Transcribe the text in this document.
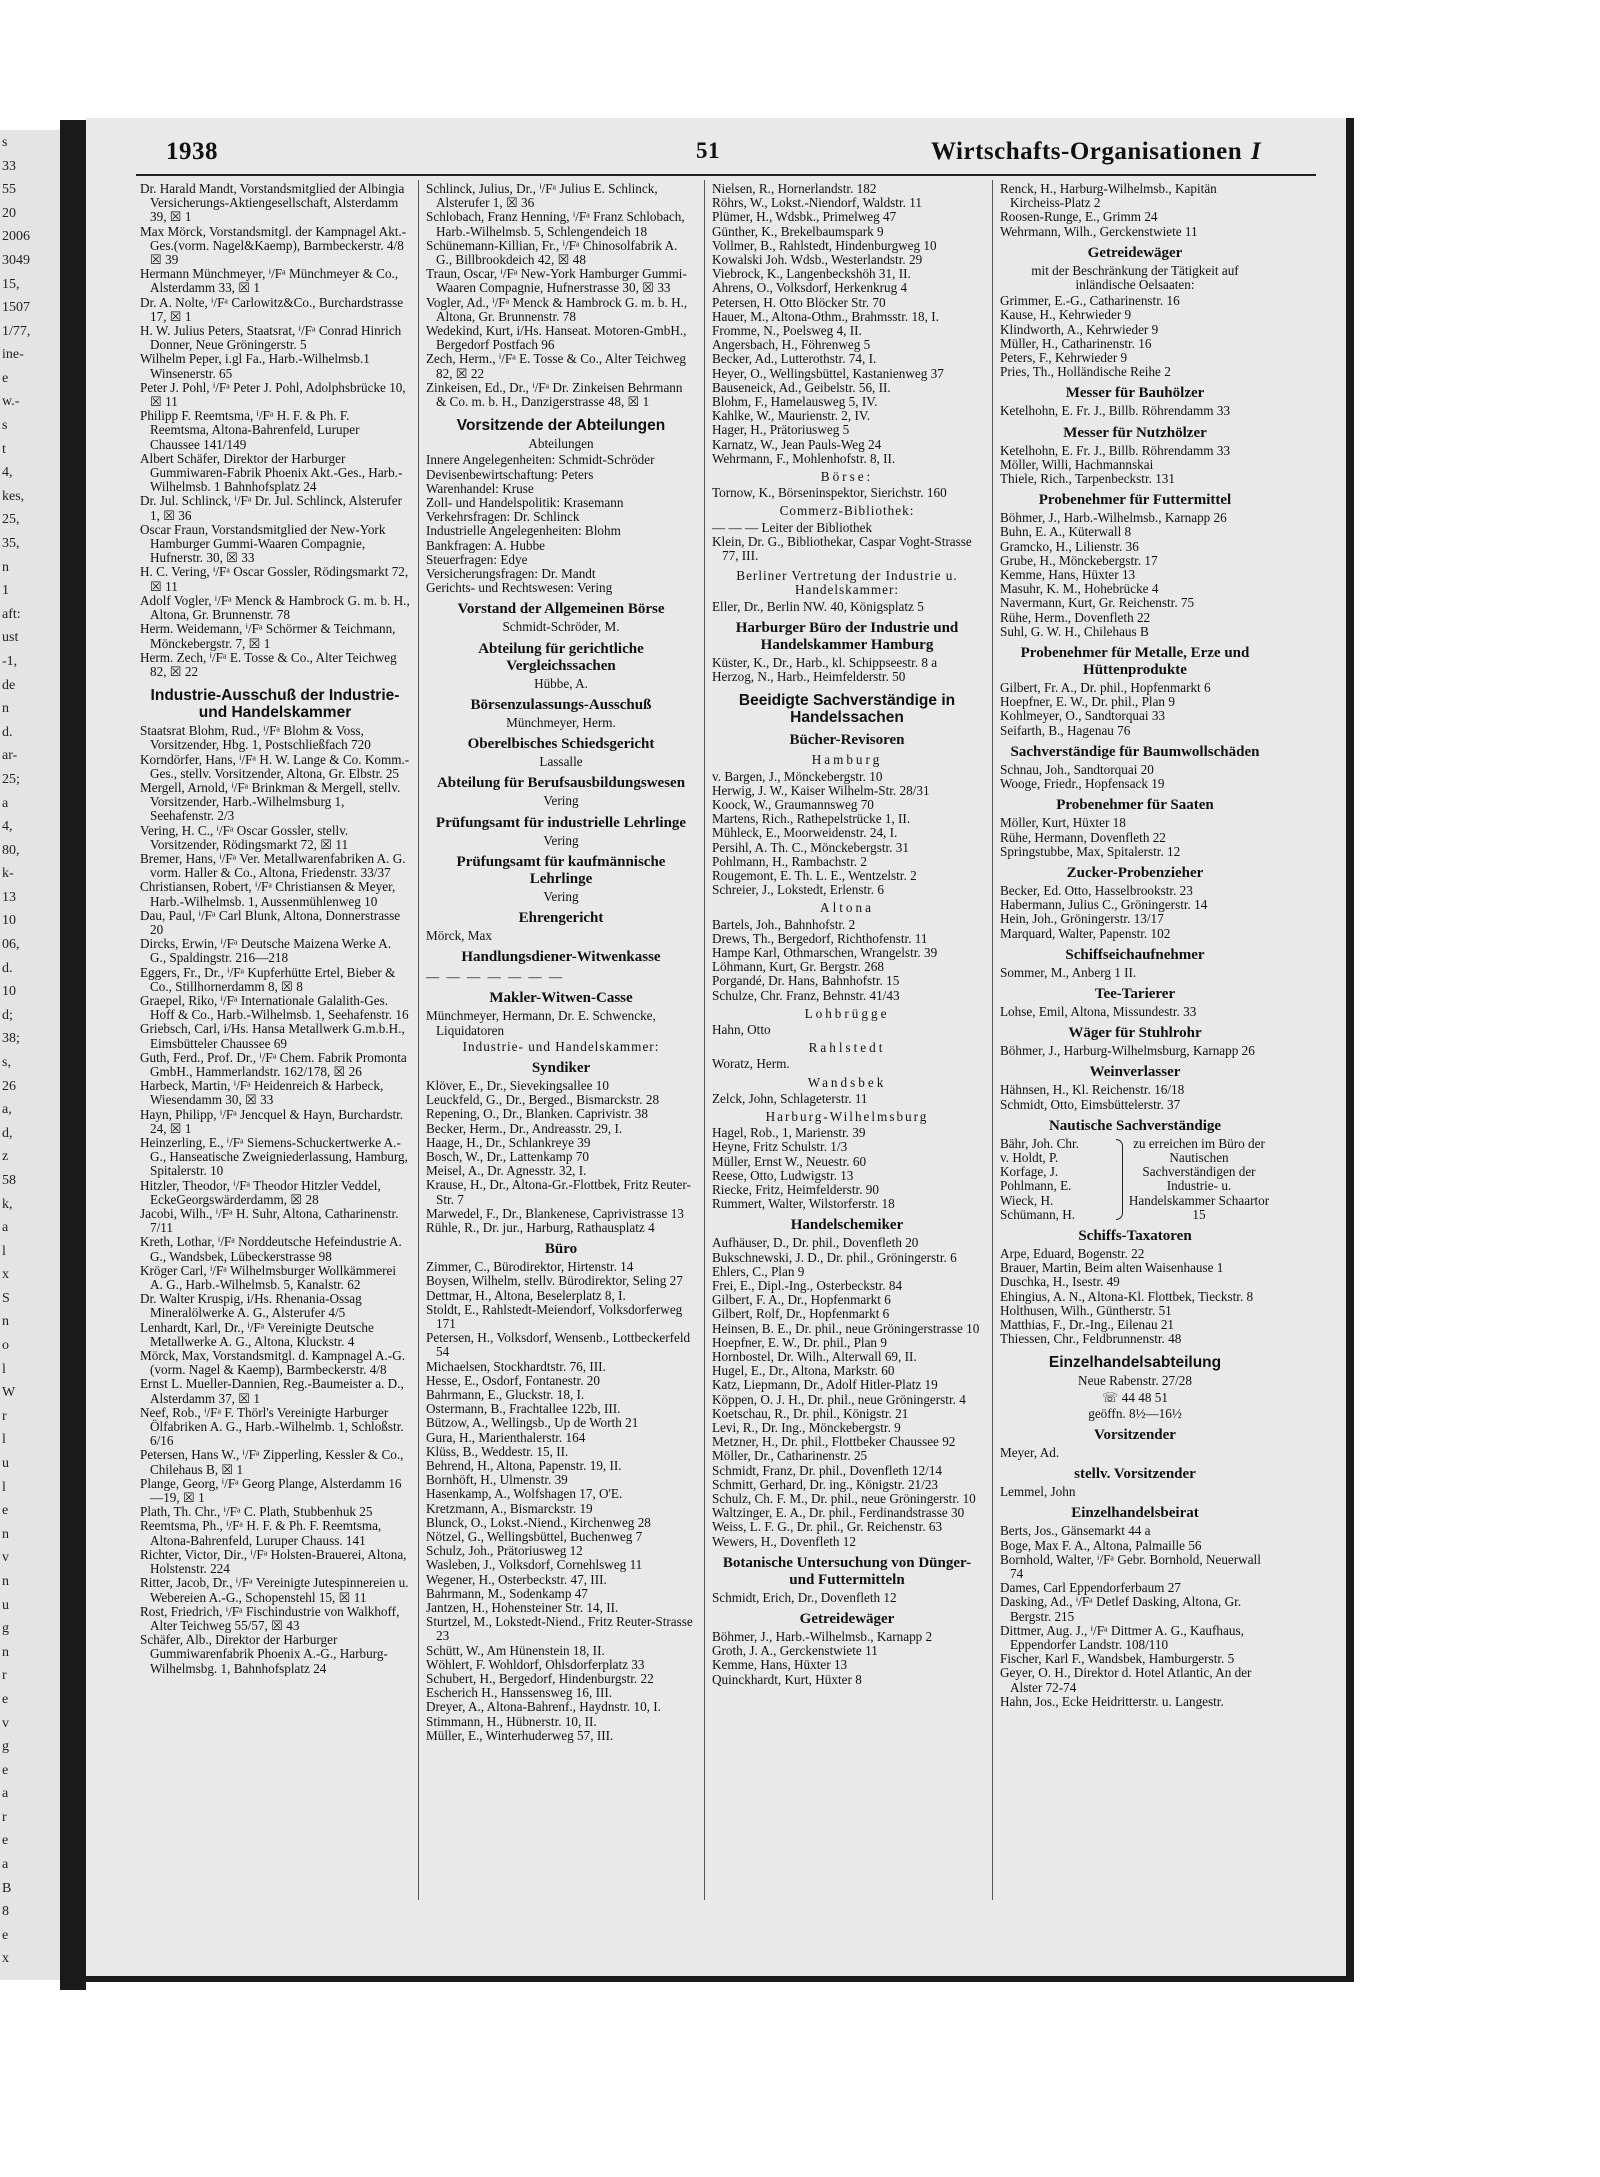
s
33
55
20
2006
3049
15,
1507
1/77,
ine-
e
w.-
s
t
4,
kes,
25,
35,
n
1
aft:
ust
-1,
de
n
d.
ar-
25;
a
4,
80,
k-
13
10
06,
d.
10
d;
38;
s,
26
a,
d,
z
58
k,
a
l
x
S
n
o
l
W
r
l
u
l
e
n
v
n
u
g
n
r
e
v
g
e
a
r
e
a
B
8
e
x
1938	51	Wirtschafts-Organisationen I
Dr. Harald Mandt, Vorstandsmitglied der Albingia Versicherungs-Aktiengesellschaft, Alsterdamm 39, ☒ 1
Max Mörck, Vorstandsmitgl. der Kampnagel Akt.-Ges.(vorm. Nagel&Kaemp), Barmbeckerstr. 4/8 ☒ 39
Hermann Münchmeyer, ⁱ/Fᵃ Münchmeyer & Co., Alsterdamm 33, ☒ 1
Dr. A. Nolte, ⁱ/Fᵃ Carlowitz&Co., Burchardstrasse 17, ☒ 1
H. W. Julius Peters, Staatsrat, ⁱ/Fᵃ Conrad Hinrich Donner, Neue Gröningerstr. 5
Wilhelm Peper, i.gl Fa., Harb.-Wilhelmsb.1 Winsenerstr. 65
Peter J. Pohl, ⁱ/Fᵃ Peter J. Pohl, Adolphsbrücke 10, ☒ 11
Philipp F. Reemtsma, ⁱ/Fᵃ H. F. & Ph. F. Reemtsma, Altona-Bahrenfeld, Luruper Chaussee 141/149
Albert Schäfer, Direktor der Harburger Gummiwaren-Fabrik Phoenix Akt.-Ges., Harb.-Wilhelmsb. 1 Bahnhofsplatz 24
Dr. Jul. Schlinck, ⁱ/Fᵃ Dr. Jul. Schlinck, Alsterufer 1, ☒ 36
Oscar Fraun, Vorstandsmitglied der New-York Hamburger Gummi-Waaren Compagnie, Hufnerstr. 30, ☒ 33
H. C. Vering, ⁱ/Fᵃ Oscar Gossler, Rödingsmarkt 72, ☒ 11
Adolf Vogler, ⁱ/Fᵃ Menck & Hambrock G. m. b. H., Altona, Gr. Brunnenstr. 78
Herm. Weidemann, ⁱ/Fᵃ Schörmer & Teichmann, Mönckebergstr. 7, ☒ 1
Herm. Zech, ⁱ/Fᵃ E. Tosse & Co., Alter Teichweg 82, ☒ 22
Industrie-Ausschuß der Industrie- und Handelskammer
Staatsrat Blohm, Rud., ⁱ/Fᵃ Blohm & Voss, Vorsitzender, Hbg. 1, Postschließfach 720
Korndörfer, Hans, ⁱ/Fᵃ H. W. Lange & Co. Komm.-Ges., stellv. Vorsitzender, Altona, Gr. Elbstr. 25
Mergell, Arnold, ⁱ/Fᵃ Brinkman & Mergell, stellv. Vorsitzender, Harb.-Wilhelmsburg 1, Seehafenstr. 2/3
Vering, H. C., ⁱ/Fᵃ Oscar Gossler, stellv. Vorsitzender, Rödingsmarkt 72, ☒ 11
Bremer, Hans, ⁱ/Fᵃ Ver. Metallwarenfabriken A. G. vorm. Haller & Co., Altona, Friedenstr. 33/37
Christiansen, Robert, ⁱ/Fᵃ Christiansen & Meyer, Harb.-Wilhelmsb. 1, Aussenmühlenweg 10
Dau, Paul, ⁱ/Fᵃ Carl Blunk, Altona, Donnerstrasse 20
Dircks, Erwin, ⁱ/Fᵃ Deutsche Maizena Werke A. G., Spaldingstr. 216—218
Eggers, Fr., Dr., ⁱ/Fᵃ Kupferhütte Ertel, Bieber & Co., Stillhornerdamm 8, ☒ 8
Graepel, Riko, ⁱ/Fᵃ Internationale Galalith-Ges. Hoff & Co., Harb.-Wilhelmsb. 1, Seehafenstr. 16
Griebsch, Carl, i/Hs. Hansa Metallwerk G.m.b.H., Eimsbütteler Chaussee 69
Guth, Ferd., Prof. Dr., ⁱ/Fᵃ Chem. Fabrik Promonta GmbH., Hammerlandstr. 162/178, ☒ 26
Harbeck, Martin, ⁱ/Fᵃ Heidenreich & Harbeck, Wiesendamm 30, ☒ 33
Hayn, Philipp, ⁱ/Fᵃ Jencquel & Hayn, Burchardstr. 24, ☒ 1
Heinzerling, E., ⁱ/Fᵃ Siemens-Schuckertwerke A.-G., Hanseatische Zweigniederlassung, Hamburg, Spitalerstr. 10
Hitzler, Theodor, ⁱ/Fᵃ Theodor Hitzler Veddel, EckeGeorgswärderdamm, ☒ 28
Jacobi, Wilh., ⁱ/Fᵃ H. Suhr, Altona, Catharinenstr. 7/11
Kreth, Lothar, ⁱ/Fᵃ Norddeutsche Hefeindustrie A. G., Wandsbek, Lübeckerstrasse 98
Kröger Carl, ⁱ/Fᵃ Wilhelmsburger Wollkämmerei A. G., Harb.-Wilhelmsb. 5, Kanalstr. 62
Dr. Walter Kruspig, i/Hs. Rhenania-Ossag Mineralölwerke A. G., Alsterufer 4/5
Lenhardt, Karl, Dr., ⁱ/Fᵃ Vereinigte Deutsche Metallwerke A. G., Altona, Kluckstr. 4
Mörck, Max, Vorstandsmitgl. d. Kampnagel A.-G. (vorm. Nagel & Kaemp), Barmbeckerstr. 4/8
Ernst L. Mueller-Dannien, Reg.-Baumeister a. D., Alsterdamm 37, ☒ 1
Neef, Rob., ⁱ/Fᵃ F. Thörl's Vereinigte Harburger Ölfabriken A. G., Harb.-Wilhelmb. 1, Schloßstr. 6/16
Petersen, Hans W., ⁱ/Fᵃ Zipperling, Kessler & Co., Chilehaus B, ☒ 1
Plange, Georg, ⁱ/Fᵃ Georg Plange, Alsterdamm 16—19, ☒ 1
Plath, Th. Chr., ⁱ/Fᵃ C. Plath, Stubbenhuk 25
Reemtsma, Ph., ⁱ/Fᵃ H. F. & Ph. F. Reemtsma, Altona-Bahrenfeld, Luruper Chauss. 141
Richter, Victor, Dir., ⁱ/Fᵃ Holsten-Brauerei, Altona, Holstenstr. 224
Ritter, Jacob, Dr., ⁱ/Fᵃ Vereinigte Jutespinnereien u. Webereien A.-G., Schopenstehl 15, ☒ 11
Rost, Friedrich, ⁱ/Fᵃ Fischindustrie von Walkhoff, Alter Teichweg 55/57, ☒ 43
Schäfer, Alb., Direktor der Harburger Gummiwarenfabrik Phoenix A.-G., Harburg-Wilhelmsbg. 1, Bahnhofsplatz 24
Schlinck, Julius, Dr., ⁱ/Fᵃ Julius E. Schlinck, Alsterufer 1, ☒ 36
Schlobach, Franz Henning, ⁱ/Fᵃ Franz Schlobach, Harb.-Wilhelmsb. 5, Schlengendeich 18
Schünemann-Killian, Fr., ⁱ/Fᵃ Chinosolfabrik A. G., Billbrookdeich 42, ☒ 48
Traun, Oscar, ⁱ/Fᵃ New-York Hamburger Gummi-Waaren Compagnie, Hufnerstrasse 30, ☒ 33
Vogler, Ad., ⁱ/Fᵃ Menck & Hambrock G. m. b. H., Altona, Gr. Brunnenstr. 78
Wedekind, Kurt, i/Hs. Hanseat. Motoren-GmbH., Bergedorf Postfach 96
Zech, Herm., ⁱ/Fᵃ E. Tosse & Co., Alter Teichweg 82, ☒ 22
Zinkeisen, Ed., Dr., ⁱ/Fᵃ Dr. Zinkeisen Behrmann & Co. m. b. H., Danzigerstrasse 48, ☒ 1
Vorsitzende der Abteilungen
Abteilungen
Innere Angelegenheiten: Schmidt-Schröder
Devisenbewirtschaftung: Peters
Warenhandel: Kruse
Zoll- und Handelspolitik: Krasemann
Verkehrsfragen: Dr. Schlinck
Industrielle Angelegenheiten: Blohm
Bankfragen: A. Hubbe
Steuerfragen: Edye
Versicherungsfragen: Dr. Mandt
Gerichts- und Rechtswesen: Vering
Vorstand der Allgemeinen Börse
Schmidt-Schröder, M.
Abteilung für gerichtliche Vergleichssachen
Hübbe, A.
Börsenzulassungs-Ausschuß
Münchmeyer, Herm.
Oberelbisches Schiedsgericht
Lassalle
Abteilung für Berufsausbildungswesen
Vering
Prüfungsamt für industrielle Lehrlinge
Vering
Prüfungsamt für kaufmännische Lehrlinge
Vering
Ehrengericht
Mörck, Max
Handlungsdiener-Witwenkasse
— — — — — — —
Makler-Witwen-Casse
Münchmeyer, Hermann, Dr. E. Schwencke, Liquidatoren
Industrie- und Handelskammer:
Syndiker
Klöver, E., Dr., Sievekingsallee 10
Leuckfeld, G., Dr., Berged., Bismarckstr. 28
Repening, O., Dr., Blanken. Caprivistr. 38
Becker, Herm., Dr., Andreasstr. 29, I.
Haage, H., Dr., Schlankreye 39
Bosch, W., Dr., Lattenkamp 70
Meisel, A., Dr. Agnesstr. 32, I.
Krause, H., Dr., Altona-Gr.-Flottbek, Fritz Reuter-Str. 7
Marwedel, F., Dr., Blankenese, Caprivistrasse 13
Rühle, R., Dr. jur., Harburg, Rathausplatz 4
Büro
Zimmer, C., Bürodirektor, Hirtenstr. 14
Boysen, Wilhelm, stellv. Bürodirektor, Seling 27
Dettmar, H., Altona, Beselerplatz 8, I.
Stoldt, E., Rahlstedt-Meiendorf, Volksdorferweg 171
Petersen, H., Volksdorf, Wensenb., Lottbeckerfeld 54
Michaelsen, Stockhardtstr. 76, III.
Hesse, E., Osdorf, Fontanestr. 20
Bahrmann, E., Gluckstr. 18, I.
Ostermann, B., Frachtallee 122b, III.
Bützow, A., Wellingsb., Up de Worth 21
Gura, H., Marienthalerstr. 164
Klüss, B., Weddestr. 15, II.
Behrend, H., Altona, Papenstr. 19, II.
Bornhöft, H., Ulmenstr. 39
Hasenkamp, A., Wolfshagen 17, O'E.
Kretzmann, A., Bismarckstr. 19
Blunck, O., Lokst.-Niend., Kirchenweg 28
Nötzel, G., Wellingsbüttel, Buchenweg 7
Schulz, Joh., Prätoriusweg 12
Wasleben, J., Volksdorf, Cornehlsweg 11
Wegener, H., Osterbeckstr. 47, III.
Bahrmann, M., Sodenkamp 47
Jantzen, H., Hohensteiner Str. 14, II.
Sturtzel, M., Lokstedt-Niend., Fritz Reuter-Strasse 23
Schütt, W., Am Hünenstein 18, II.
Wöhlert, F. Wohldorf, Ohlsdorferplatz 33
Schubert, H., Bergedorf, Hindenburgstr. 22
Escherich H., Hanssensweg 16, III.
Dreyer, A., Altona-Bahrenf., Haydnstr. 10, I.
Stimmann, H., Hübnerstr. 10, II.
Müller, E., Winterhuderweg 57, III.
Nielsen, R., Hornerlandstr. 182
Röhrs, W., Lokst.-Niendorf, Waldstr. 11
Plümer, H., Wdsbk., Primelweg 47
Günther, K., Brekelbaumspark 9
Vollmer, B., Rahlstedt, Hindenburgweg 10
Kowalski Joh. Wdsb., Westerlandstr. 29
Viebrock, K., Langenbeckshöh 31, II.
Ahrens, O., Volksdorf, Herkenkrug 4
Petersen, H. Otto Blöcker Str. 70
Hauer, M., Altona-Othm., Brahmsstr. 18, I.
Fromme, N., Poelsweg 4, II.
Angersbach, H., Föhrenweg 5
Becker, Ad., Lutterothstr. 74, I.
Heyer, O., Wellingsbüttel, Kastanienweg 37
Bauseneick, Ad., Geibelstr. 56, II.
Blohm, F., Hamelausweg 5, IV.
Kahlke, W., Maurienstr. 2, IV.
Hager, H., Prätoriusweg 5
Karnatz, W., Jean Pauls-Weg 24
Wehrmann, F., Mohlenhofstr. 8, II.
Börse:
Tornow, K., Börseninspektor, Sierichstr. 160
Commerz-Bibliothek:
— — — Leiter der Bibliothek
Klein, Dr. G., Bibliothekar, Caspar Voght-Strasse 77, III.
Berliner Vertretung der Industrie u. Handelskammer:
Eller, Dr., Berlin NW. 40, Königsplatz 5
Harburger Büro der Industrie und Handelskammer Hamburg
Küster, K., Dr., Harb., kl. Schippseestr. 8 a
Herzog, N., Harb., Heimfelderstr. 50
Beeidigte Sachverständige in Handelssachen
Bücher-Revisoren
Hamburg
v. Bargen, J., Mönckebergstr. 10
Herwig, J. W., Kaiser Wilhelm-Str. 28/31
Koock, W., Graumannsweg 70
Martens, Rich., Rathepelstrücke 1, II.
Mühleck, E., Moorweidenstr. 24, I.
Persihl, A. Th. C., Mönckebergstr. 31
Pohlmann, H., Rambachstr. 2
Rougemont, E. Th. L. E., Wentzelstr. 2
Schreier, J., Lokstedt, Erlenstr. 6
Altona
Bartels, Joh., Bahnhofstr. 2
Drews, Th., Bergedorf, Richthofenstr. 11
Hampe Karl, Othmarschen, Wrangelstr. 39
Löhmann, Kurt, Gr. Bergstr. 268
Porgandé, Dr. Hans, Bahnhofstr. 15
Schulze, Chr. Franz, Behnstr. 41/43
Lohbrügge
Hahn, Otto
Rahlstedt
Woratz, Herm.
Wandsbek
Zelck, John, Schlageterstr. 11
Harburg-Wilhelmsburg
Hagel, Rob., 1, Marienstr. 39
Heyne, Fritz Schulstr. 1/3
Müller, Ernst W., Neuestr. 60
Reese, Otto, Ludwigstr. 13
Riecke, Fritz, Heimfelderstr. 90
Rummert, Walter, Wilstorferstr. 18
Handelschemiker
Aufhäuser, D., Dr. phil., Dovenfleth 20
Bukschnewski, J. D., Dr. phil., Gröningerstr. 6
Ehlers, C., Plan 9
Frei, E., Dipl.-Ing., Osterbeckstr. 84
Gilbert, F. A., Dr., Hopfenmarkt 6
Gilbert, Rolf, Dr., Hopfenmarkt 6
Heinsen, B. E., Dr. phil., neue Gröningerstrasse 10
Hoepfner, E. W., Dr. phil., Plan 9
Hornbostel, Dr. Wilh., Alterwall 69, II.
Hugel, E., Dr., Altona, Markstr. 60
Katz, Liepmann, Dr., Adolf Hitler-Platz 19
Köppen, O. J. H., Dr. phil., neue Gröningerstr. 4
Koetschau, R., Dr. phil., Königstr. 21
Levi, R., Dr. Ing., Mönckebergstr. 9
Metzner, H., Dr. phil., Flottbeker Chaussee 92
Möller, Dr., Catharinenstr. 25
Schmidt, Franz, Dr. phil., Dovenfleth 12/14
Schmitt, Gerhard, Dr. ing., Königstr. 21/23
Schulz, Ch. F. M., Dr. phil., neue Gröningerstr. 10
Waltzinger, E. A., Dr. phil., Ferdinandstrasse 30
Weiss, L. F. G., Dr. phil., Gr. Reichenstr. 63
Wewers, H., Dovenfleth 12
Botanische Untersuchung von Dünger- und Futtermitteln
Schmidt, Erich, Dr., Dovenfleth 12
Getreidewäger
Böhmer, J., Harb.-Wilhelmsb., Karnapp 2
Groth, J. A., Gerckenstwiete 11
Kemme, Hans, Hüxter 13
Quinckhardt, Kurt, Hüxter 8
Renck, H., Harburg-Wilhelmsb., Kapitän Kircheiss-Platz 2
Roosen-Runge, E., Grimm 24
Wehrmann, Wilh., Gerckenstwiete 11
Getreidewäger
mit der Beschränkung der Tätigkeit auf inländische Oelsaaten:
Grimmer, E.-G., Catharinenstr. 16
Kause, H., Kehrwieder 9
Klindworth, A., Kehrwieder 9
Müller, H., Catharinenstr. 16
Peters, F., Kehrwieder 9
Pries, Th., Holländische Reihe 2
Messer für Bauhölzer
Ketelhohn, E. Fr. J., Billb. Röhrendamm 33
Messer für Nutzhölzer
Ketelhohn, E. Fr. J., Billb. Röhrendamm 33
Möller, Willi, Hachmannskai
Thiele, Rich., Tarpenbeckstr. 131
Probenehmer für Futtermittel
Böhmer, J., Harb.-Wilhelmsb., Karnapp 26
Buhn, E. A., Küterwall 8
Gramcko, H., Lilienstr. 36
Grube, H., Mönckebergstr. 17
Kemme, Hans, Hüxter 13
Masuhr, K. M., Hohebrücke 4
Navermann, Kurt, Gr. Reichenstr. 75
Rühe, Herm., Dovenfleth 22
Suhl, G. W. H., Chilehaus B
Probenehmer für Metalle, Erze und Hüttenprodukte
Gilbert, Fr. A., Dr. phil., Hopfenmarkt 6
Hoepfner, E. W., Dr. phil., Plan 9
Kohlmeyer, O., Sandtorquai 33
Seifarth, B., Hagenau 76
Sachverständige für Baumwollschäden
Schnau, Joh., Sandtorquai 20
Wooge, Friedr., Hopfensack 19
Probenehmer für Saaten
Möller, Kurt, Hüxter 18
Rühe, Hermann, Dovenfleth 22
Springstubbe, Max, Spitalerstr. 12
Zucker-Probenzieher
Becker, Ed. Otto, Hasselbrookstr. 23
Habermann, Julius C., Gröningerstr. 14
Hein, Joh., Gröningerstr. 13/17
Marquard, Walter, Papenstr. 102
Schiffseichaufnehmer
Sommer, M., Anberg 1 II.
Tee-Tarierer
Lohse, Emil, Altona, Missundestr. 33
Wäger für Stuhlrohr
Böhmer, J., Harburg-Wilhelmsburg, Karnapp 26
Weinverlasser
Hähnsen, H., Kl. Reichenstr. 16/18
Schmidt, Otto, Eimsbüttelerstr. 37
Nautische Sachverständige
Bähr, Joh. Chr.
v. Holdt, P.
Korfage, J.
Pohlmann, E.
Wieck, H.
Schümann, H.
zu erreichen im Büro der Nautischen Sachverständigen der Industrie- u. Handelskammer Schaartor 15
Schiffs-Taxatoren
Arpe, Eduard, Bogenstr. 22
Brauer, Martin, Beim alten Waisenhause 1
Duschka, H., Isestr. 49
Ehingius, A. N., Altona-Kl. Flottbek, Tieckstr. 8
Holthusen, Wilh., Güntherstr. 51
Matthias, F., Dr.-Ing., Eilenau 21
Thiessen, Chr., Feldbrunnenstr. 48
Einzelhandelsabteilung
Neue Rabenstr. 27/28
☏ 44 48 51
geöffn. 8½—16½
Vorsitzender
Meyer, Ad.
stellv. Vorsitzender
Lemmel, John
Einzelhandelsbeirat
Berts, Jos., Gänsemarkt 44 a
Boge, Max F. A., Altona, Palmaille 56
Bornhold, Walter, ⁱ/Fᵃ Gebr. Bornhold, Neuerwall 74
Dames, Carl Eppendorferbaum 27
Dasking, Ad., ⁱ/Fᵃ Detlef Dasking, Altona, Gr. Bergstr. 215
Dittmer, Aug. J., ⁱ/Fᵃ Dittmer A. G., Kaufhaus, Eppendorfer Landstr. 108/110
Fischer, Karl F., Wandsbek, Hamburgerstr. 5
Geyer, O. H., Direktor d. Hotel Atlantic, An der Alster 72-74
Hahn, Jos., Ecke Heidritterstr. u. Langestr.
